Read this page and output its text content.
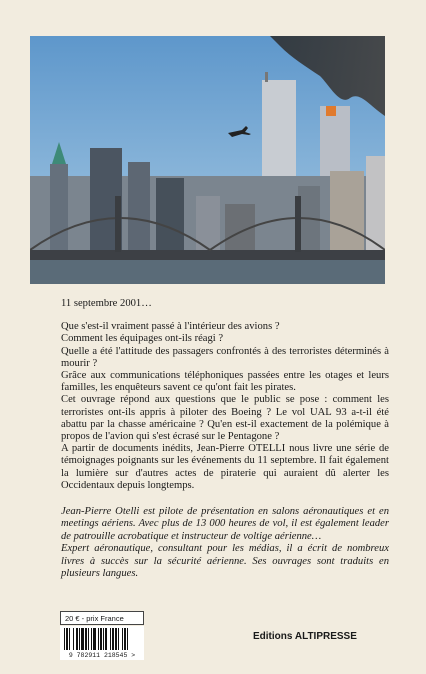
11 septembre 2001…

Que s'est-il vraiment passé à l'intérieur des avions ?

Comment les équipages ont-ils réagi ?

Quelle a été l'attitude des passagers confrontés à des terroristes déterminés à mourir ?

Grâce aux communications téléphoniques passées entre les otages et leurs familles, les enquêteurs savent ce qu'ont fait les pirates.

Cet ouvrage répond aux questions que le public se pose : comment les terroristes ont-ils appris à piloter des Boeing ? Le vol UAL 93 a-t-il été abattu par la chasse américaine ? Qu'en est-il exactement de la polémique à propos de l'avion qui s'est écrasé sur le Pentagone ?

A partir de documents inédits, Jean-Pierre OTELLI nous livre une série de témoignages poignants sur les événements du 11 septembre. Il fait également la lumière sur d'autres actes de piraterie qui auraient dû alerter les Occidentaux depuis longtemps.

Jean-Pierre Otelli est pilote de présentation en salons aéronautiques et en meetings aériens. Avec plus de 13 000 heures de vol, il est également leader de patrouille acrobatique et instructeur de voltige aérienne…

Expert aéronautique, consultant pour les médias, il a écrit de nombreux livres à succès sur la sécurité aérienne. Ses ouvrages sont traduits en plusieurs langues.

20 € - prix France
9 782911 218545 >
Editions ALTIPRESSE
